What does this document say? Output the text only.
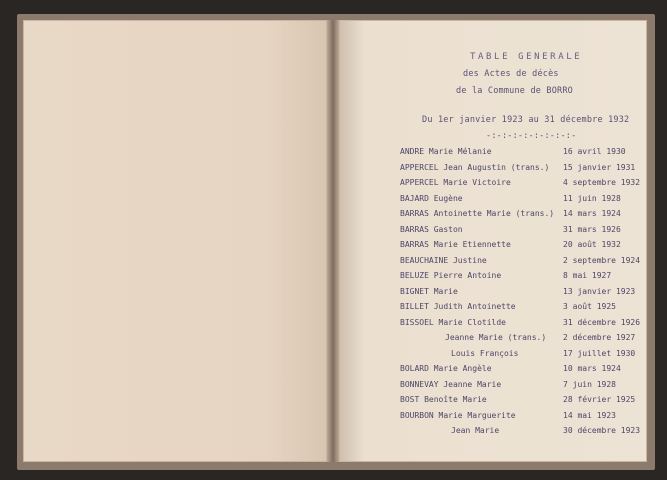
TABLE GENERALE
des Actes de décès
de la Commune de BORRO
Du 1er janvier 1923 au 31 décembre 1932
-:-:-:-:-:-:-:-:-
ANDRE Marie Mélanie	16 avril 1930
APPERCEL Jean Augustin (trans.) 15 janvier 1931
APPERCEL Marie Victoire	4 septembre 1932
BAJARD Eugène	11 juin 1928
BARRAS Antoinette Marie (trans.) 14 mars 1924
BARRAS Gaston	31 mars 1926
BARRAS Marie Etiennette	20 août 1932
BEAUCHAINE Justine	2 septembre 1924
BELUZE Pierre Antoine	8 mai 1927
BIGNET Marie	13 janvier 1923
BILLET Judith Antoinette	3 août 1925
BISSOEL Marie Clotilde	31 décembre 1926
Jeanne Marie (trans.) 2 décembre 1927
Louis François	17 juillet 1930
BOLARD Marie Angèle	10 mars 1924
BONNEVAY Jeanne Marie	7 juin 1928
BOST Benoîte Marie	28 février 1925
BOURBON Marie Marguerite	14 mai 1923
Jean Marie	30 décembre 1923
